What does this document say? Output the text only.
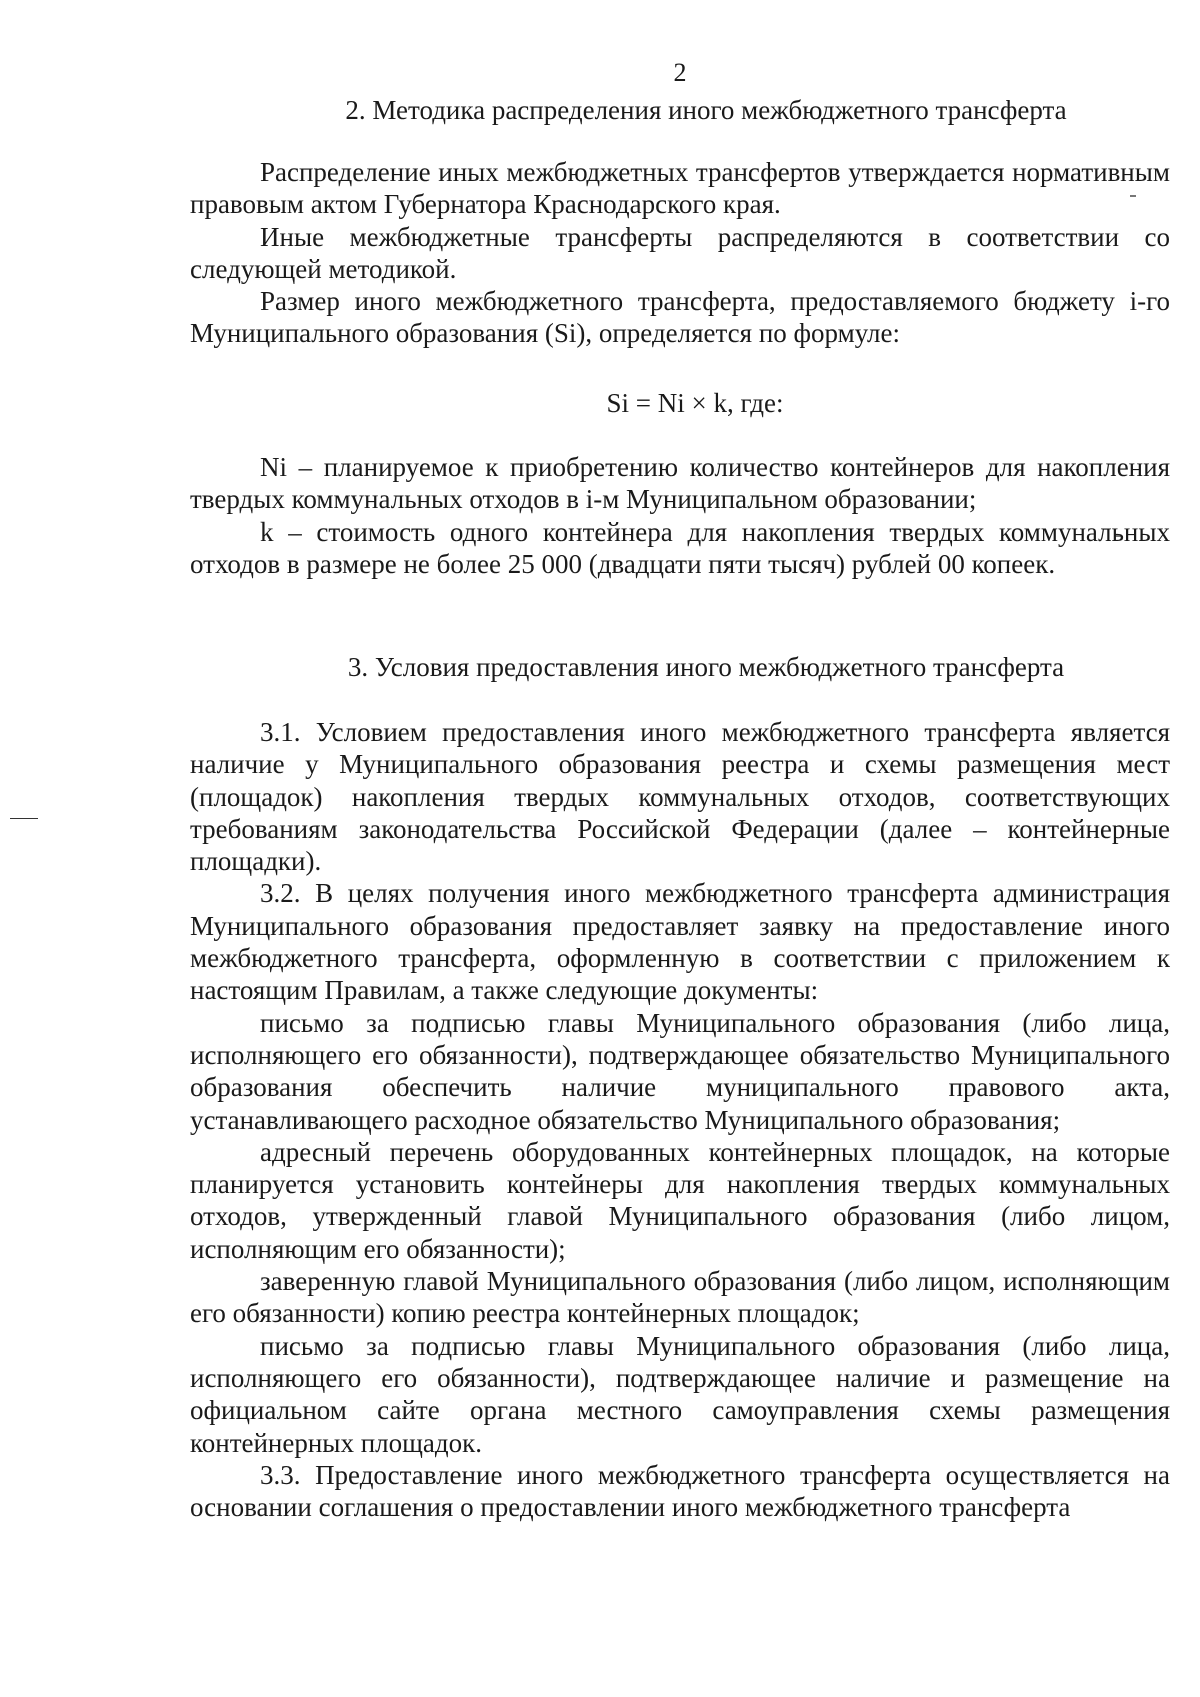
2
2. Методика распределения иного межбюджетного трансферта

Распределение иных межбюджетных трансфертов утверждается нормативным правовым актом Губернатора Краснодарского края.

Иные межбюджетные трансферты распределяются в соответствии со следующей методикой.

Размер иного межбюджетного трансферта, предоставляемого бюджету i-го Муниципального образования (Si), определяется по формуле:

Si = Ni × k, где:

Ni – планируемое к приобретению количество контейнеров для накопления твердых коммунальных отходов в i-м Муниципальном образовании;

k – стоимость одного контейнера для накопления твердых коммунальных отходов в размере не более 25 000 (двадцати пяти тысяч) рублей 00 копеек.

3. Условия предоставления иного межбюджетного трансферта

3.1. Условием предоставления иного межбюджетного трансферта является наличие у Муниципального образования реестра и схемы размещения мест (площадок) накопления твердых коммунальных отходов, соответствующих требованиям законодательства Российской Федерации (далее – контейнерные площадки).

3.2. В целях получения иного межбюджетного трансферта администрация Муниципального образования предоставляет заявку на предоставление иного межбюджетного трансферта, оформленную в соответствии с приложением к настоящим Правилам, а также следующие документы:

письмо за подписью главы Муниципального образования (либо лица, исполняющего его обязанности), подтверждающее обязательство Муниципального образования обеспечить наличие муниципального правового акта, устанавливающего расходное обязательство Муниципального образования;

адресный перечень оборудованных контейнерных площадок, на которые планируется установить контейнеры для накопления твердых коммунальных отходов, утвержденный главой Муниципального образования (либо лицом, исполняющим его обязанности);

заверенную главой Муниципального образования (либо лицом, исполняющим его обязанности) копию реестра контейнерных площадок;

письмо за подписью главы Муниципального образования (либо лица, исполняющего его обязанности), подтверждающее наличие и размещение на официальном сайте органа местного самоуправления схемы размещения контейнерных площадок.

3.3. Предоставление иного межбюджетного трансферта осуществляется на основании соглашения о предоставлении иного межбюджетного трансферта
